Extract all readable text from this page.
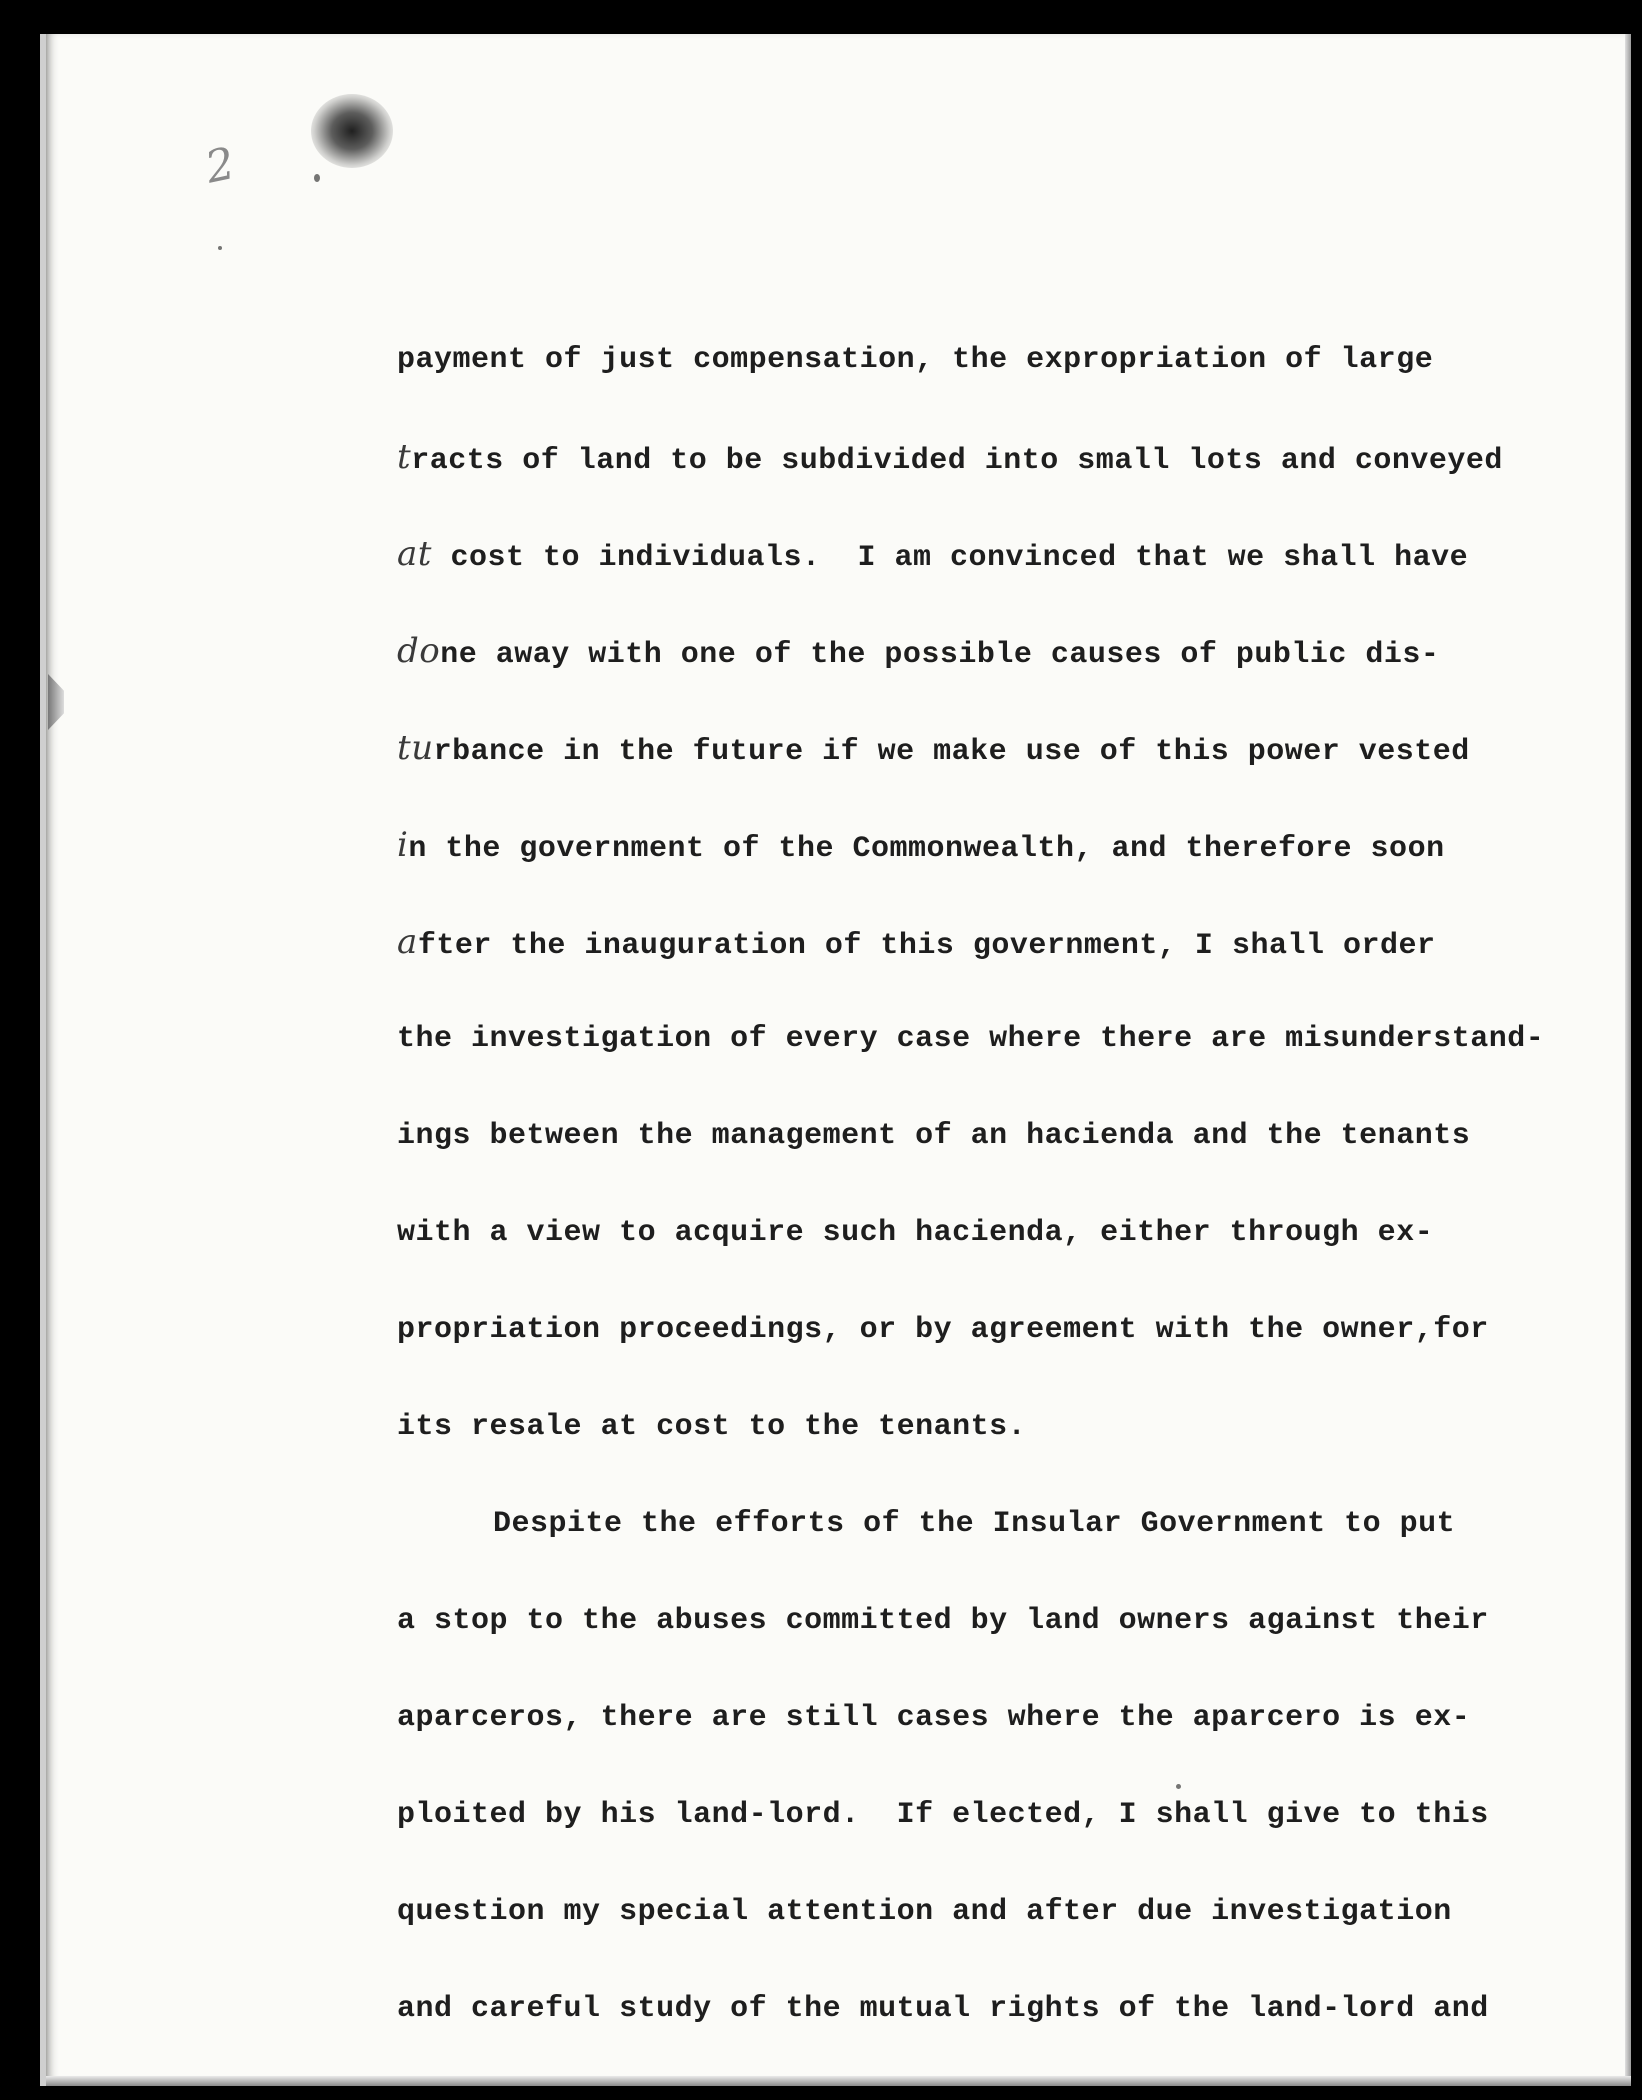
2

payment of just compensation, the expropriation of large

tracts of land to be subdivided into small lots and conveyed

at cost to individuals.  I am convinced that we shall have

done away with one of the possible causes of public dis-

turbance in the future if we make use of this power vested

in the government of the Commonwealth, and therefore soon

after the inauguration of this government, I shall order

the investigation of every case where there are misunderstand-

ings between the management of an hacienda and the tenants

with a view to acquire such hacienda, either through ex-

propriation proceedings, or by agreement with the owner,for

its resale at cost to the tenants.

Despite the efforts of the Insular Government to put

a stop to the abuses committed by land owners against their

aparceros, there are still cases where the aparcero is ex-

ploited by his land-lord.  If elected, I shall give to this

question my special attention and after due investigation

and careful study of the mutual rights of the land-lord and
